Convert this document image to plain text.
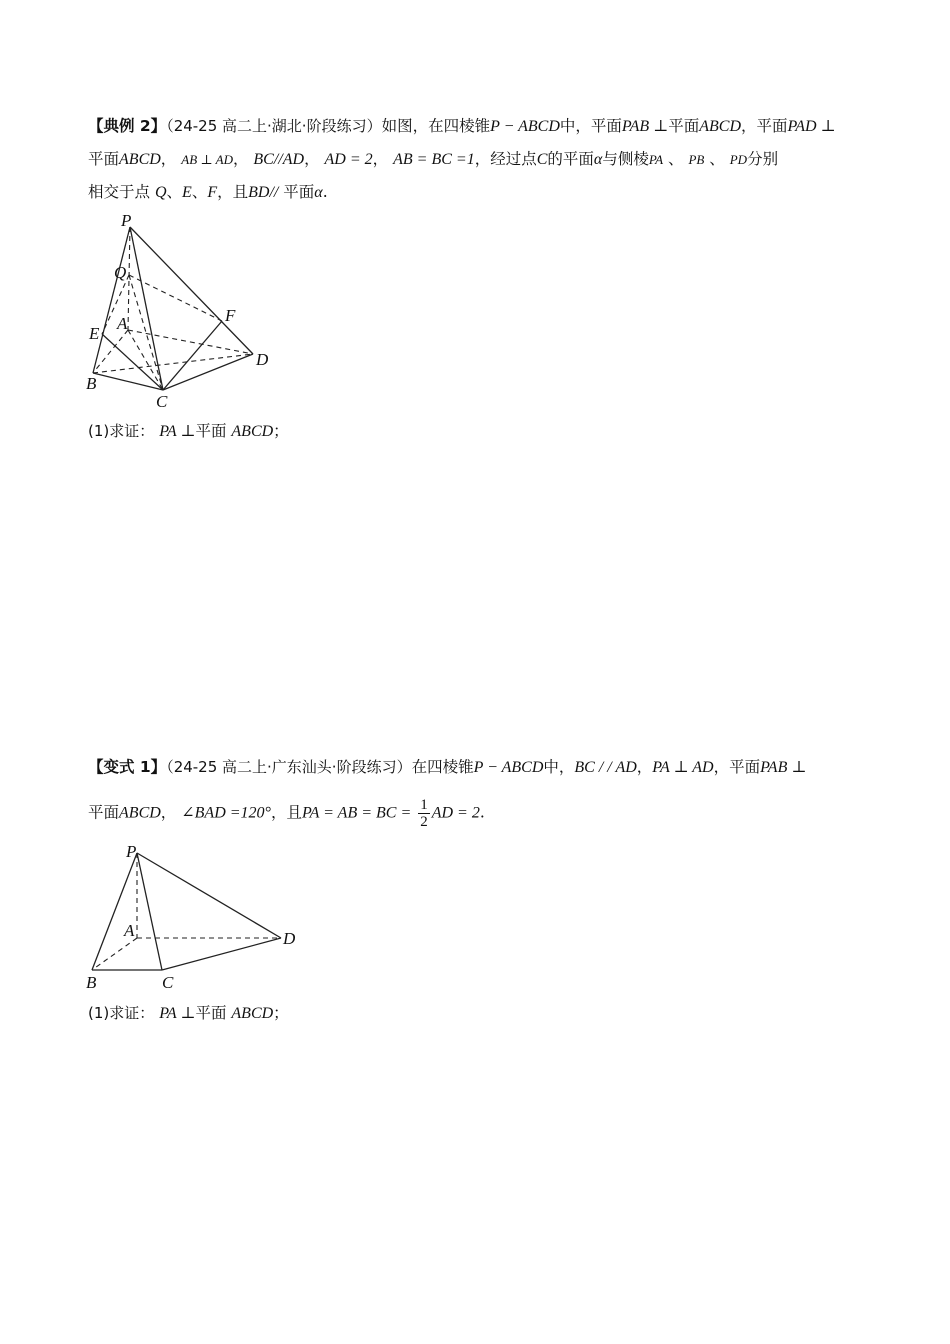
【典例 2】（24-25 高二上·湖北·阶段练习）如图，在四棱锥P − ABCD中，平面PAB ⊥平面ABCD，平面PAD ⊥
平面ABCD， AB ⊥ AD， BC//AD， AD = 2， AB = BC =1，经过点C的平面α与侧棱PA 、 PB 、 PD分别
相交于点 Q、E、F，且BD// 平面α.
P
Q
A
E
F
D
B
C
(1)求证： PA ⊥平面 ABCD；
【变式 1】（24-25 高二上·广东汕头·阶段练习）在四棱锥P − ABCD中，BC / / AD，PA ⊥ AD，平面PAB ⊥
平面ABCD， ∠BAD =120°，且PA = AB = BC = $\frac{1}{2}$ AD = 2.
P
A	D
B	C
(1)求证： PA ⊥平面 ABCD；
